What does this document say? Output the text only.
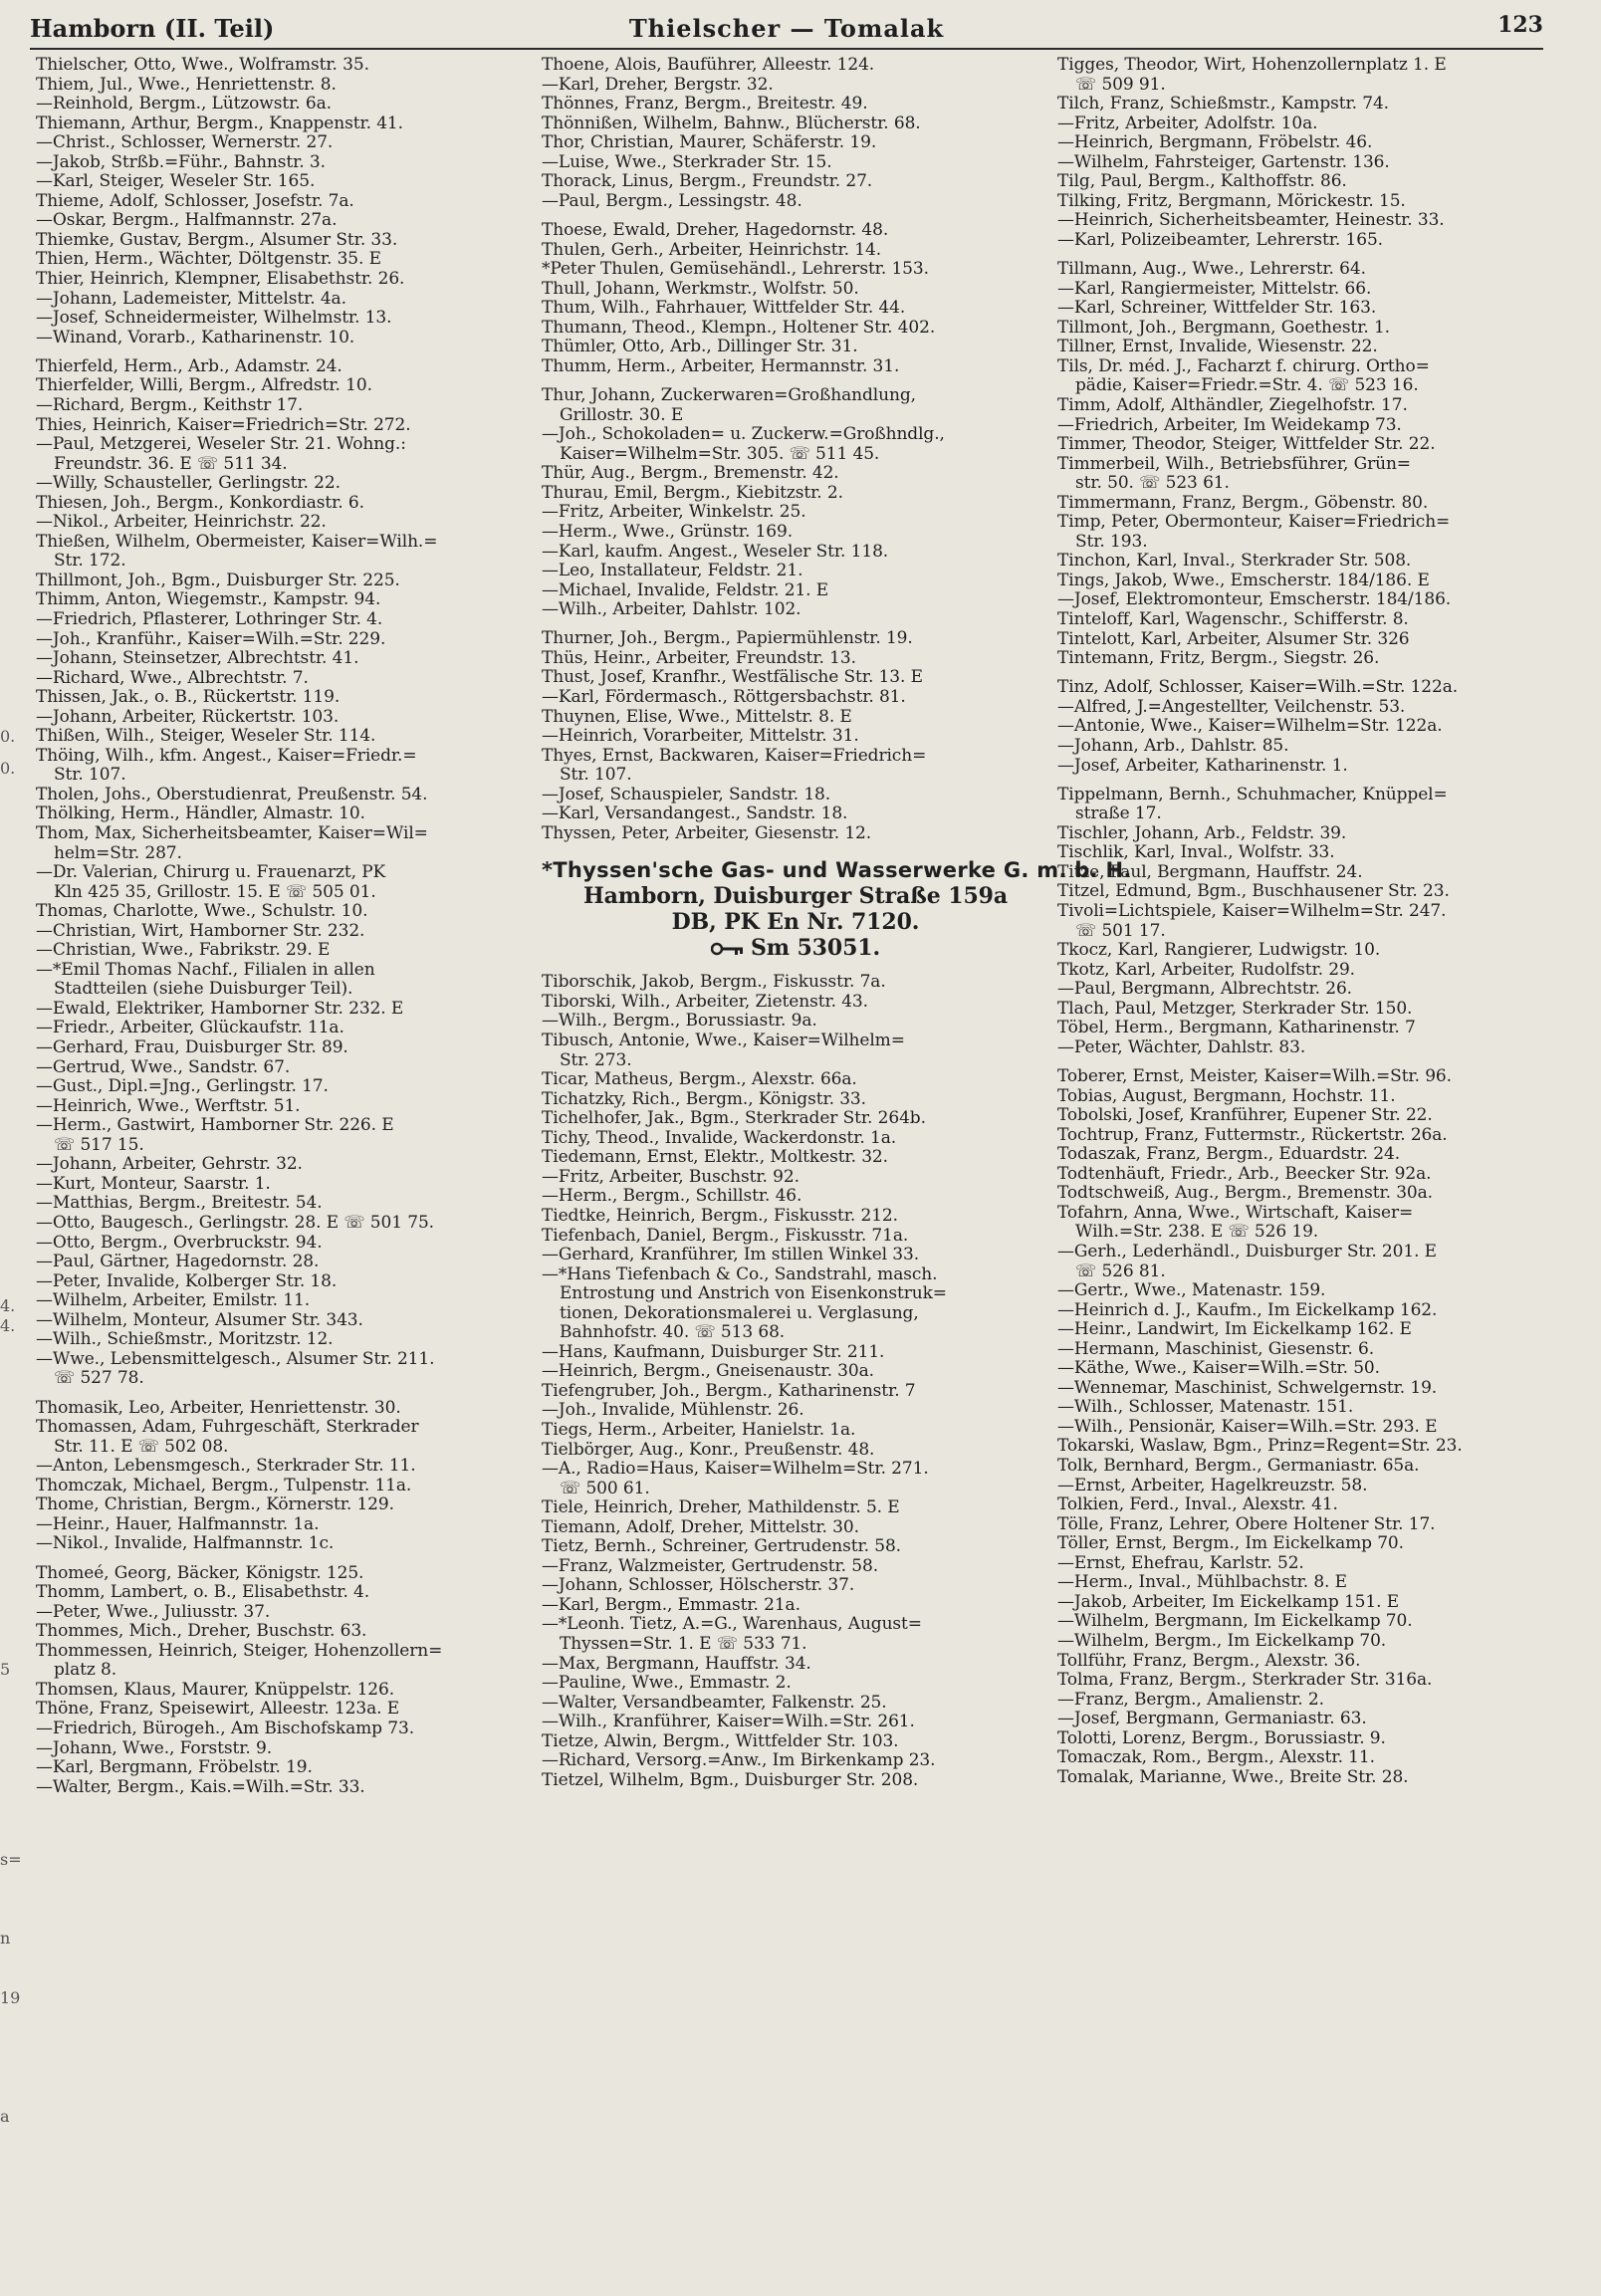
Hamborn (II. Teil)	Thielscher — Tomalak	123
0.
0.
4.
4.
5
s=
n
19
a
Thielscher, Otto, Wwe., Wolframstr. 35.
Thiem, Jul., Wwe., Henriettenstr. 8.
—Reinhold, Bergm., Lützowstr. 6a.
Thiemann, Arthur, Bergm., Knappenstr. 41.
—Christ., Schlosser, Wernerstr. 27.
—Jakob, Strßb.=Führ., Bahnstr. 3.
—Karl, Steiger, Weseler Str. 165.
Thieme, Adolf, Schlosser, Josefstr. 7a.
—Oskar, Bergm., Halfmannstr. 27a.
Thiemke, Gustav, Bergm., Alsumer Str. 33.
Thien, Herm., Wächter, Döltgenstr. 35. E
Thier, Heinrich, Klempner, Elisabethstr. 26.
—Johann, Lademeister, Mittelstr. 4a.
—Josef, Schneidermeister, Wilhelmstr. 13.
—Winand, Vorarb., Katharinenstr. 10.
Thierfeld, Herm., Arb., Adamstr. 24.
Thierfelder, Willi, Bergm., Alfredstr. 10.
—Richard, Bergm., Keithstr 17.
Thies, Heinrich, Kaiser=Friedrich=Str. 272.
—Paul, Metzgerei, Weseler Str. 21. Wohng.:
Freundstr. 36. E ☏ 511 34.
—Willy, Schausteller, Gerlingstr. 22.
Thiesen, Joh., Bergm., Konkordiastr. 6.
—Nikol., Arbeiter, Heinrichstr. 22.
Thießen, Wilhelm, Obermeister, Kaiser=Wilh.=
Str. 172.
Thillmont, Joh., Bgm., Duisburger Str. 225.
Thimm, Anton, Wiegemstr., Kampstr. 94.
—Friedrich, Pflasterer, Lothringer Str. 4.
—Joh., Kranführ., Kaiser=Wilh.=Str. 229.
—Johann, Steinsetzer, Albrechtstr. 41.
—Richard, Wwe., Albrechtstr. 7.
Thissen, Jak., o. B., Rückertstr. 119.
—Johann, Arbeiter, Rückertstr. 103.
Thißen, Wilh., Steiger, Weseler Str. 114.
Thöing, Wilh., kfm. Angest., Kaiser=Friedr.=
Str. 107.
Tholen, Johs., Oberstudienrat, Preußenstr. 54.
Thölking, Herm., Händler, Almastr. 10.
Thom, Max, Sicherheitsbeamter, Kaiser=Wil=
helm=Str. 287.
—Dr. Valerian, Chirurg u. Frauenarzt, PK
Kln 425 35, Grillostr. 15. E ☏ 505 01.
Thomas, Charlotte, Wwe., Schulstr. 10.
—Christian, Wirt, Hamborner Str. 232.
—Christian, Wwe., Fabrikstr. 29. E
—*Emil Thomas Nachf., Filialen in allen
Stadtteilen (siehe Duisburger Teil).
—Ewald, Elektriker, Hamborner Str. 232. E
—Friedr., Arbeiter, Glückaufstr. 11a.
—Gerhard, Frau, Duisburger Str. 89.
—Gertrud, Wwe., Sandstr. 67.
—Gust., Dipl.=Jng., Gerlingstr. 17.
—Heinrich, Wwe., Werftstr. 51.
—Herm., Gastwirt, Hamborner Str. 226. E
☏ 517 15.
—Johann, Arbeiter, Gehrstr. 32.
—Kurt, Monteur, Saarstr. 1.
—Matthias, Bergm., Breitestr. 54.
—Otto, Baugesch., Gerlingstr. 28. E ☏ 501 75.
—Otto, Bergm., Overbruckstr. 94.
—Paul, Gärtner, Hagedornstr. 28.
—Peter, Invalide, Kolberger Str. 18.
—Wilhelm, Arbeiter, Emilstr. 11.
—Wilhelm, Monteur, Alsumer Str. 343.
—Wilh., Schießmstr., Moritzstr. 12.
—Wwe., Lebensmittelgesch., Alsumer Str. 211.
☏ 527 78.
Thomasik, Leo, Arbeiter, Henriettenstr. 30.
Thomassen, Adam, Fuhrgeschäft, Sterkrader
Str. 11. E ☏ 502 08.
—Anton, Lebensmgesch., Sterkrader Str. 11.
Thomczak, Michael, Bergm., Tulpenstr. 11a.
Thome, Christian, Bergm., Körnerstr. 129.
—Heinr., Hauer, Halfmannstr. 1a.
—Nikol., Invalide, Halfmannstr. 1c.
Thomeé, Georg, Bäcker, Königstr. 125.
Thomm, Lambert, o. B., Elisabethstr. 4.
—Peter, Wwe., Juliusstr. 37.
Thommes, Mich., Dreher, Buschstr. 63.
Thommessen, Heinrich, Steiger, Hohenzollern=
platz 8.
Thomsen, Klaus, Maurer, Knüppelstr. 126.
Thöne, Franz, Speisewirt, Alleestr. 123a. E
—Friedrich, Bürogeh., Am Bischofskamp 73.
—Johann, Wwe., Forststr. 9.
—Karl, Bergmann, Fröbelstr. 19.
—Walter, Bergm., Kais.=Wilh.=Str. 33.
Thoene, Alois, Bauführer, Alleestr. 124.
—Karl, Dreher, Bergstr. 32.
Thönnes, Franz, Bergm., Breitestr. 49.
Thönnißen, Wilhelm, Bahnw., Blücherstr. 68.
Thor, Christian, Maurer, Schäferstr. 19.
—Luise, Wwe., Sterkrader Str. 15.
Thorack, Linus, Bergm., Freundstr. 27.
—Paul, Bergm., Lessingstr. 48.
Thoese, Ewald, Dreher, Hagedornstr. 48.
Thulen, Gerh., Arbeiter, Heinrichstr. 14.
*Peter Thulen, Gemüsehändl., Lehrerstr. 153.
Thull, Johann, Werkmstr., Wolfstr. 50.
Thum, Wilh., Fahrhauer, Wittfelder Str. 44.
Thumann, Theod., Klempn., Holtener Str. 402.
Thümler, Otto, Arb., Dillinger Str. 31.
Thumm, Herm., Arbeiter, Hermannstr. 31.
Thur, Johann, Zuckerwaren=Großhandlung,
Grillostr. 30. E
—Joh., Schokoladen= u. Zuckerw.=Großhndlg.,
Kaiser=Wilhelm=Str. 305. ☏ 511 45.
Thür, Aug., Bergm., Bremenstr. 42.
Thurau, Emil, Bergm., Kiebitzstr. 2.
—Fritz, Arbeiter, Winkelstr. 25.
—Herm., Wwe., Grünstr. 169.
—Karl, kaufm. Angest., Weseler Str. 118.
—Leo, Installateur, Feldstr. 21.
—Michael, Invalide, Feldstr. 21. E
—Wilh., Arbeiter, Dahlstr. 102.
Thurner, Joh., Bergm., Papiermühlenstr. 19.
Thüs, Heinr., Arbeiter, Freundstr. 13.
Thust, Josef, Kranfhr., Westfälische Str. 13. E
—Karl, Fördermasch., Röttgersbachstr. 81.
Thuynen, Elise, Wwe., Mittelstr. 8. E
—Heinrich, Vorarbeiter, Mittelstr. 31.
Thyes, Ernst, Backwaren, Kaiser=Friedrich=
Str. 107.
—Josef, Schauspieler, Sandstr. 18.
—Karl, Versandangest., Sandstr. 18.
Thyssen, Peter, Arbeiter, Giesenstr. 12.
*Thyssen'sche Gas- und Wasserwerke G. m. b. H.
Hamborn, Duisburger Straße 159a
DB, PK En Nr. 7120.
Sm 53051.
Tiborschik, Jakob, Bergm., Fiskusstr. 7a.
Tiborski, Wilh., Arbeiter, Zietenstr. 43.
—Wilh., Bergm., Borussiastr. 9a.
Tibusch, Antonie, Wwe., Kaiser=Wilhelm=
Str. 273.
Ticar, Matheus, Bergm., Alexstr. 66a.
Tichatzky, Rich., Bergm., Königstr. 33.
Tichelhofer, Jak., Bgm., Sterkrader Str. 264b.
Tichy, Theod., Invalide, Wackerdonstr. 1a.
Tiedemann, Ernst, Elektr., Moltkestr. 32.
—Fritz, Arbeiter, Buschstr. 92.
—Herm., Bergm., Schillstr. 46.
Tiedtke, Heinrich, Bergm., Fiskusstr. 212.
Tiefenbach, Daniel, Bergm., Fiskusstr. 71a.
—Gerhard, Kranführer, Im stillen Winkel 33.
—*Hans Tiefenbach & Co., Sandstrahl, masch.
Entrostung und Anstrich von Eisenkonstruk=
tionen, Dekorationsmalerei u. Verglasung,
Bahnhofstr. 40. ☏ 513 68.
—Hans, Kaufmann, Duisburger Str. 211.
—Heinrich, Bergm., Gneisenaustr. 30a.
Tiefengruber, Joh., Bergm., Katharinenstr. 7
—Joh., Invalide, Mühlenstr. 26.
Tiegs, Herm., Arbeiter, Hanielstr. 1a.
Tielbörger, Aug., Konr., Preußenstr. 48.
—A., Radio=Haus, Kaiser=Wilhelm=Str. 271.
☏ 500 61.
Tiele, Heinrich, Dreher, Mathildenstr. 5. E
Tiemann, Adolf, Dreher, Mittelstr. 30.
Tietz, Bernh., Schreiner, Gertrudenstr. 58.
—Franz, Walzmeister, Gertrudenstr. 58.
—Johann, Schlosser, Hölscherstr. 37.
—Karl, Bergm., Emmastr. 21a.
—*Leonh. Tietz, A.=G., Warenhaus, August=
Thyssen=Str. 1. E ☏ 533 71.
—Max, Bergmann, Hauffstr. 34.
—Pauline, Wwe., Emmastr. 2.
—Walter, Versandbeamter, Falkenstr. 25.
—Wilh., Kranführer, Kaiser=Wilh.=Str. 261.
Tietze, Alwin, Bergm., Wittfelder Str. 103.
—Richard, Versorg.=Anw., Im Birkenkamp 23.
Tietzel, Wilhelm, Bgm., Duisburger Str. 208.
Tigges, Theodor, Wirt, Hohenzollernplatz 1. E
☏ 509 91.
Tilch, Franz, Schießmstr., Kampstr. 74.
—Fritz, Arbeiter, Adolfstr. 10a.
—Heinrich, Bergmann, Fröbelstr. 46.
—Wilhelm, Fahrsteiger, Gartenstr. 136.
Tilg, Paul, Bergm., Kalthoffstr. 86.
Tilking, Fritz, Bergmann, Mörickestr. 15.
—Heinrich, Sicherheitsbeamter, Heinestr. 33.
—Karl, Polizeibeamter, Lehrerstr. 165.
Tillmann, Aug., Wwe., Lehrerstr. 64.
—Karl, Rangiermeister, Mittelstr. 66.
—Karl, Schreiner, Wittfelder Str. 163.
Tillmont, Joh., Bergmann, Goethestr. 1.
Tillner, Ernst, Invalide, Wiesenstr. 22.
Tils, Dr. méd. J., Facharzt f. chirurg. Ortho=
pädie, Kaiser=Friedr.=Str. 4. ☏ 523 16.
Timm, Adolf, Althändler, Ziegelhofstr. 17.
—Friedrich, Arbeiter, Im Weidekamp 73.
Timmer, Theodor, Steiger, Wittfelder Str. 22.
Timmerbeil, Wilh., Betriebsführer, Grün=
str. 50. ☏ 523 61.
Timmermann, Franz, Bergm., Göbenstr. 80.
Timp, Peter, Obermonteur, Kaiser=Friedrich=
Str. 193.
Tinchon, Karl, Inval., Sterkrader Str. 508.
Tings, Jakob, Wwe., Emscherstr. 184/186. E
—Josef, Elektromonteur, Emscherstr. 184/186.
Tinteloff, Karl, Wagenschr., Schifferstr. 8.
Tintelott, Karl, Arbeiter, Alsumer Str. 326
Tintemann, Fritz, Bergm., Siegstr. 26.
Tinz, Adolf, Schlosser, Kaiser=Wilh.=Str. 122a.
—Alfred, J.=Angestellter, Veilchenstr. 53.
—Antonie, Wwe., Kaiser=Wilhelm=Str. 122a.
—Johann, Arb., Dahlstr. 85.
—Josef, Arbeiter, Katharinenstr. 1.
Tippelmann, Bernh., Schuhmacher, Knüppel=
straße 17.
Tischler, Johann, Arb., Feldstr. 39.
Tischlik, Karl, Inval., Wolfstr. 33.
Titze, Paul, Bergmann, Hauffstr. 24.
Titzel, Edmund, Bgm., Buschhausener Str. 23.
Tivoli=Lichtspiele, Kaiser=Wilhelm=Str. 247.
☏ 501 17.
Tkocz, Karl, Rangierer, Ludwigstr. 10.
Tkotz, Karl, Arbeiter, Rudolfstr. 29.
—Paul, Bergmann, Albrechtstr. 26.
Tlach, Paul, Metzger, Sterkrader Str. 150.
Töbel, Herm., Bergmann, Katharinenstr. 7
—Peter, Wächter, Dahlstr. 83.
Toberer, Ernst, Meister, Kaiser=Wilh.=Str. 96.
Tobias, August, Bergmann, Hochstr. 11.
Tobolski, Josef, Kranführer, Eupener Str. 22.
Tochtrup, Franz, Futtermstr., Rückertstr. 26a.
Todaszak, Franz, Bergm., Eduardstr. 24.
Todtenhäuft, Friedr., Arb., Beecker Str. 92a.
Todtschweiß, Aug., Bergm., Bremenstr. 30a.
Tofahrn, Anna, Wwe., Wirtschaft, Kaiser=
Wilh.=Str. 238. E ☏ 526 19.
—Gerh., Lederhändl., Duisburger Str. 201. E
☏ 526 81.
—Gertr., Wwe., Matenastr. 159.
—Heinrich d. J., Kaufm., Im Eickelkamp 162.
—Heinr., Landwirt, Im Eickelkamp 162. E
—Hermann, Maschinist, Giesenstr. 6.
—Käthe, Wwe., Kaiser=Wilh.=Str. 50.
—Wennemar, Maschinist, Schwelgernstr. 19.
—Wilh., Schlosser, Matenastr. 151.
—Wilh., Pensionär, Kaiser=Wilh.=Str. 293. E
Tokarski, Waslaw, Bgm., Prinz=Regent=Str. 23.
Tolk, Bernhard, Bergm., Germaniastr. 65a.
—Ernst, Arbeiter, Hagelkreuzstr. 58.
Tolkien, Ferd., Inval., Alexstr. 41.
Tölle, Franz, Lehrer, Obere Holtener Str. 17.
Töller, Ernst, Bergm., Im Eickelkamp 70.
—Ernst, Ehefrau, Karlstr. 52.
—Herm., Inval., Mühlbachstr. 8. E
—Jakob, Arbeiter, Im Eickelkamp 151. E
—Wilhelm, Bergmann, Im Eickelkamp 70.
—Wilhelm, Bergm., Im Eickelkamp 70.
Tollführ, Franz, Bergm., Alexstr. 36.
Tolma, Franz, Bergm., Sterkrader Str. 316a.
—Franz, Bergm., Amalienstr. 2.
—Josef, Bergmann, Germaniastr. 63.
Tolotti, Lorenz, Bergm., Borussiastr. 9.
Tomaczak, Rom., Bergm., Alexstr. 11.
Tomalak, Marianne, Wwe., Breite Str. 28.
